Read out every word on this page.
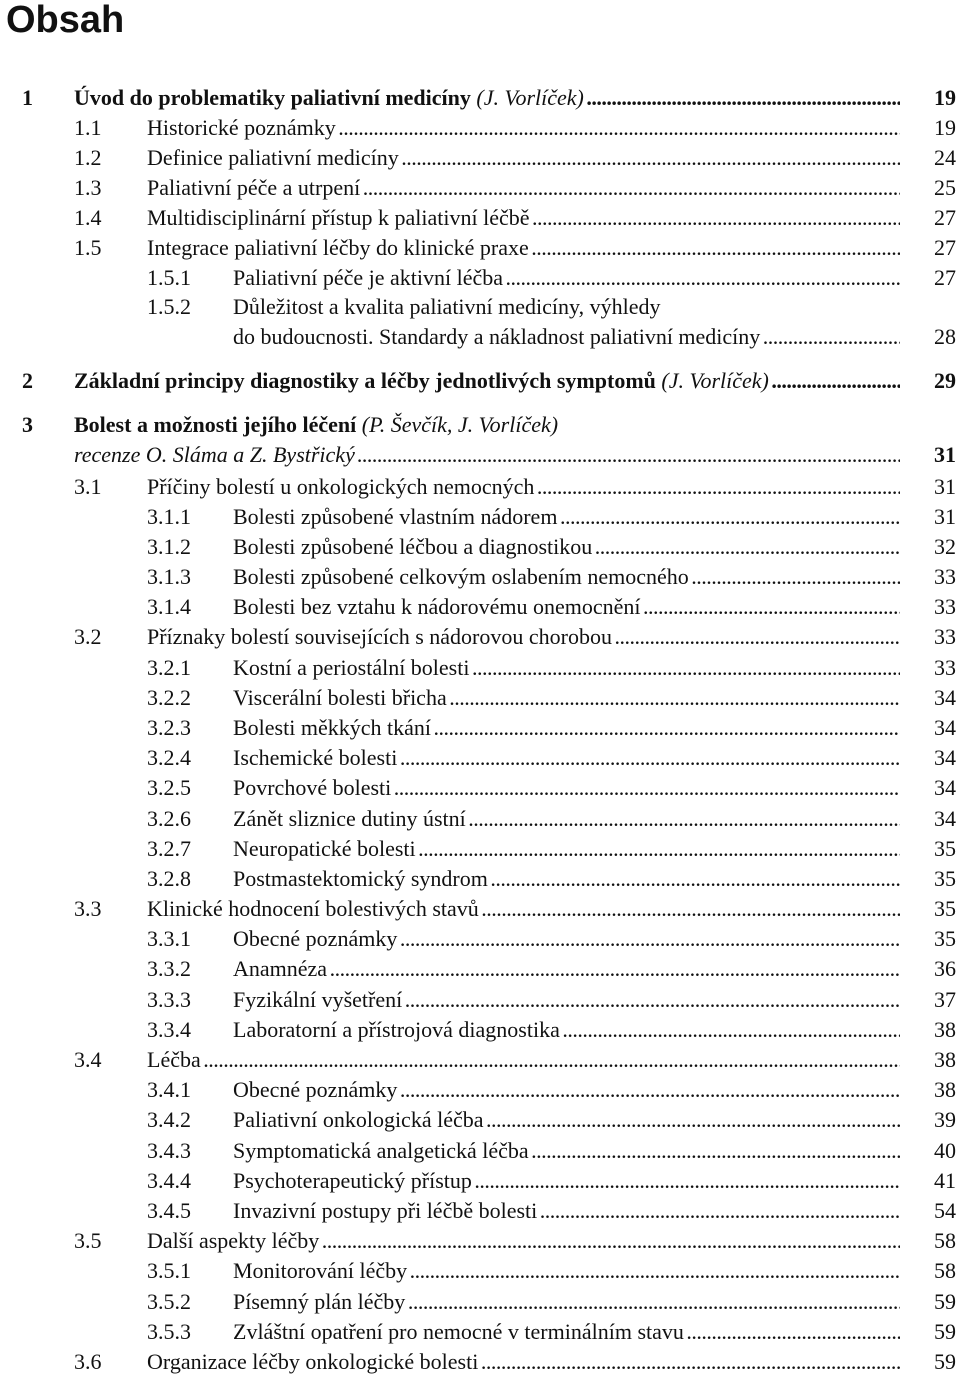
Obsah
1 Úvod do problematiky paliativní medicíny (J. Vorlíček) . . .	19
1.1 Historické poznámky . . .	19
1.2 Definice paliativní medicíny . . .	24
1.3 Paliativní péče a utrpení . . .	25
1.4 Multidisciplinární přístup k paliativní léčbě . . .	27
1.5 Integrace paliativní léčby do klinické praxe . . .	27
1.5.1 Paliativní péče je aktivní léčba . . .	27
1.5.2 Důležitost a kvalita paliativní medicíny, výhledy
do budoucnosti. Standardy a nákladnost paliativní medicíny . . .	28
2 Základní principy diagnostiky a léčby jednotlivých symptomů (J. Vorlíček) . . .	29
3 Bolest a možnosti jejího léčení (P. Ševčík, J. Vorlíček)
recenze O. Sláma a Z. Bystřický . . .	31
3.1 Příčiny bolestí u onkologických nemocných . . .	31
3.1.1 Bolesti způsobené vlastním nádorem . . .	31
3.1.2 Bolesti způsobené léčbou a diagnostikou . . .	32
3.1.3 Bolesti způsobené celkovým oslabením nemocného . . .	33
3.1.4 Bolesti bez vztahu k nádorovému onemocnění . . .	33
3.2 Příznaky bolestí souvisejících s nádorovou chorobou . . .	33
3.2.1 Kostní a periostální bolesti . . .	33
3.2.2 Viscerální bolesti břicha . . .	34
3.2.3 Bolesti měkkých tkání . . .	34
3.2.4 Ischemické bolesti . . .	34
3.2.5 Povrchové bolesti . . .	34
3.2.6 Zánět sliznice dutiny ústní . . .	34
3.2.7 Neuropatické bolesti . . .	35
3.2.8 Postmastektomický syndrom . . .	35
3.3 Klinické hodnocení bolestivých stavů . . .	35
3.3.1 Obecné poznámky . . .	35
3.3.2 Anamnéza . . .	36
3.3.3 Fyzikální vyšetření . . .	37
3.3.4 Laboratorní a přístrojová diagnostika . . .	38
3.4 Léčba . . .	38
3.4.1 Obecné poznámky . . .	38
3.4.2 Paliativní onkologická léčba . . .	39
3.4.3 Symptomatická analgetická léčba . . .	40
3.4.4 Psychoterapeutický přístup . . .	41
3.4.5 Invazivní postupy při léčbě bolesti . . .	54
3.5 Další aspekty léčby . . .	58
3.5.1 Monitorování léčby . . .	58
3.5.2 Písemný plán léčby . . .	59
3.5.3 Zvláštní opatření pro nemocné v terminálním stavu . . .	59
3.6 Organizace léčby onkologické bolesti . . .	59
